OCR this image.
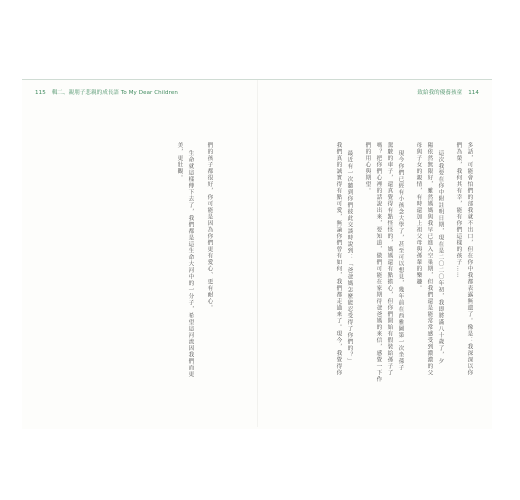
115 輯二、親朋子悲親的成長語 To My Dear Children	致給我的優養孩童 114
多話，可能會怕們的部我就不出口，但在你中我都表露無遺了。像是：我深深以你
們為榮，我何其有幸，能有你們這樣的孩子……
這次我要在你中附註明日期，現在是二〇二〇年初，我即將滿八十歲了，夕
陽依然無限好，雖然媽媽與我早已進入空巢期，但我們還是能常常感受到濃濃的父
母與子女的親情，有時還加上祖父母與孫輩的樂趣。
現今你們已經有小孩念大學了，甚至可以想見，幾年前在西雅圖第一次坐孫子
駕駛的車子，還真覺得有點怪怪的，媽媽還有點擔心，但你們開始有假裝給孫子了
嗎？把你們心裡的話說出來，要知道，做們可能在家期待爸爸媽的來信，感覺一下作
們的用心與期望。
最近有一次聽到你們彼此交談時說到：「爸爸媽怎麼能忍受得了你們的？」
我們真的誠實得有點可愛，無論你們曾有如何，我們都走過來了。現今，我覺得你
們的孩子都很好，你可能是因為你們更有愛心、更有耐心。
生命就這樣傳下去了，我們都是這生命大河中的一分子，希望這河流因我們而更
美，更壯觀。
